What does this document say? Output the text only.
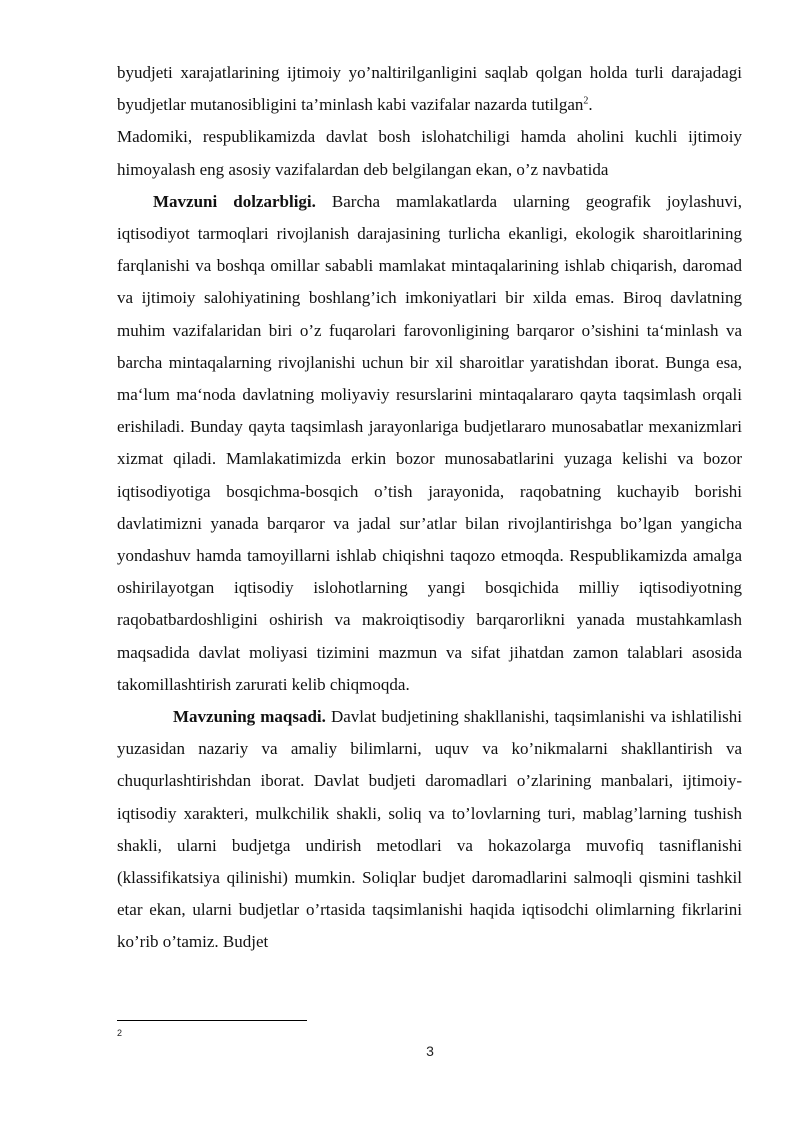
byudjeti xarajatlarining ijtimoiy yo’naltirilganligini saqlab qolgan holda turli darajadagi byudjetlar mutanosibligini ta’minlash kabi vazifalar nazarda tutilgan$^2$.

Madomiki, respublikamizda davlat bosh islohatchiligi hamda aholini kuchli ijtimoiy himoyalash eng asosiy vazifalardan deb belgilangan ekan, o’z navbatida

Mavzuni dolzarbligi. Barcha mamlakatlarda ularning geografik joylashuvi, iqtisodiyot tarmoqlari rivojlanish darajasining turlicha ekanligi, ekologik sharoitlarining farqlanishi va boshqa omillar sababli mamlakat mintaqalarining ishlab chiqarish, daromad va ijtimoiy salohiyatining boshlang’ich imkoniyatlari bir xilda emas. Biroq davlatning muhim vazifalaridan biri o’z fuqarolari farovonligining barqaror o’sishini ta‘minlash va barcha mintaqalarning rivojlanishi uchun bir xil sharoitlar yaratishdan iborat. Bunga esa, ma‘lum ma‘noda davlatning moliyaviy resurslarini mintaqalararo qayta taqsimlash orqali erishiladi. Bunday qayta taqsimlash jarayonlariga budjetlararo munosabatlar mexanizmlari xizmat qiladi. Mamlakatimizda erkin bozor munosabatlarini yuzaga kelishi va bozor iqtisodiyotiga bosqichma-bosqich o’tish jarayonida, raqobatning kuchayib borishi davlatimizni yanada barqaror va jadal sur’atlar bilan rivojlantirishga bo’lgan yangicha yondashuv hamda tamoyillarni ishlab chiqishni taqozo etmoqda. Respublikamizda amalga oshirilayotgan iqtisodiy islohotlarning yangi bosqichida milliy iqtisodiyotning raqobatbardoshligini oshirish va makroiqtisodiy barqarorlikni yanada mustahkamlash maqsadida davlat moliyasi tizimini mazmun va sifat jihatdan zamon talablari asosida takomillashtirish zarurati kelib chiqmoqda.

Mavzuning maqsadi. Davlat budjetining shakllanishi, taqsimlanishi va ishlatilishi yuzasidan nazariy va amaliy bilimlarni, uquv va ko’nikmalarni shakllantirish va chuqurlashtirishdan iborat. Davlat budjeti daromadlari o’zlarining manbalari, ijtimoiy-iqtisodiy xarakteri, mulkchilik shakli, soliq va to’lovlarning turi, mablag’larning tushish shakli, ularni budjetga undirish metodlari va hokazolarga muvofiq tasniflanishi (klassifikatsiya qilinishi) mumkin. Soliqlar budjet daromadlarini salmoqli qismini tashkil etar ekan, ularni budjetlar o’rtasida taqsimlanishi haqida iqtisodchi olimlarning fikrlarini ko’rib o’tamiz. Budjet

2
3
